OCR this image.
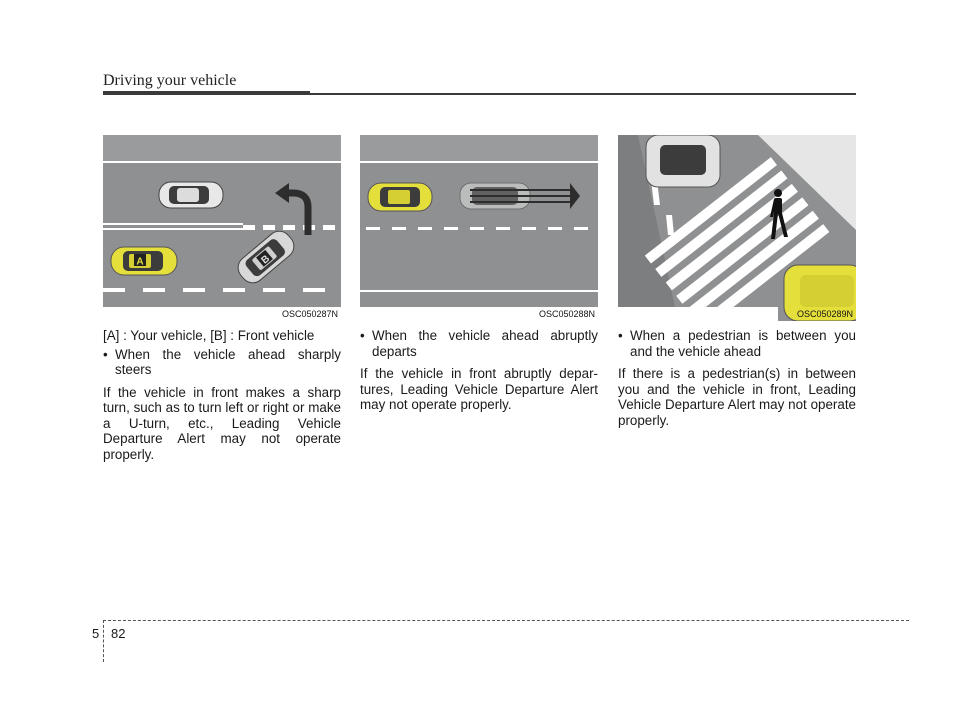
Driving your vehicle
A	B
OSC050287N	OSC050288N	OSC050289N

[A] : Your vehicle, [B] : Front vehicle

• When the vehicle ahead sharply steers

If the vehicle in front makes a sharp turn, such as to turn left or right or make a U-turn, etc., Leading Vehicle Departure Alert may not operate properly.

• When the vehicle ahead abruptly departs

If the vehicle in front abruptly depar-tures, Leading Vehicle Departure Alert may not operate properly.

• When a pedestrian is between you and the vehicle ahead

If there is a pedestrian(s) in between you and the vehicle in front, Leading Vehicle Departure Alert may not operate properly.

5 82
